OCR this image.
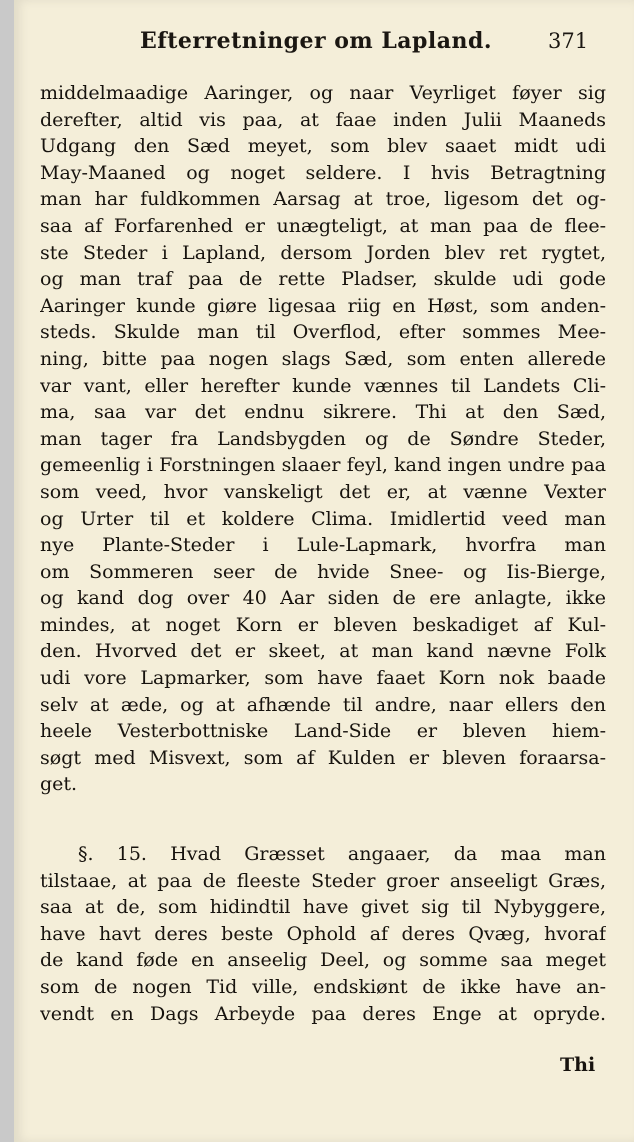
Efterretninger om Lapland.	371
middelmaadige Aaringer, og naar Veyrliget føyer sig
derefter, altid vis paa, at faae inden Julii Maaneds
Udgang den Sæd meyet, som blev saaet midt udi
May-Maaned og noget seldere. I hvis Betragtning
man har fuldkommen Aarsag at troe, ligesom det og-
saa af Forfarenhed er unægteligt, at man paa de flee-
ste Steder i Lapland, dersom Jorden blev ret rygtet,
og man traf paa de rette Pladser, skulde udi gode
Aaringer kunde giøre ligesaa riig en Høst, som anden-
steds. Skulde man til Overflod, efter sommes Mee-
ning, bitte paa nogen slags Sæd, som enten allerede
var vant, eller herefter kunde vænnes til Landets Cli-
ma, saa var det endnu sikrere. Thi at den Sæd,
man tager fra Landsbygden og de Søndre Steder,
gemeenlig i Forstningen slaaer feyl, kand ingen undre paa
som veed, hvor vanskeligt det er, at vænne Vexter
og Urter til et koldere Clima. Imidlertid veed man
nye Plante-Steder i Lule-Lapmark, hvorfra man
om Sommeren seer de hvide Snee- og Iis-Bierge,
og kand dog over 40 Aar siden de ere anlagte, ikke
mindes, at noget Korn er bleven beskadiget af Kul-
den. Hvorved det er skeet, at man kand nævne Folk
udi vore Lapmarker, som have faaet Korn nok baade
selv at æde, og at afhænde til andre, naar ellers den
heele Vesterbottniske Land-Side er bleven hiem-
søgt med Misvext, som af Kulden er bleven foraarsa-
get.
§. 15. Hvad Græsset angaaer, da maa man
tilstaae, at paa de fleeste Steder groer anseeligt Græs,
saa at de, som hidindtil have givet sig til Nybyggere,
have havt deres beste Ophold af deres Qvæg, hvoraf
de kand føde en anseelig Deel, og somme saa meget
som de nogen Tid ville, endskiønt de ikke have an-
vendt en Dags Arbeyde paa deres Enge at opryde.
Thi
